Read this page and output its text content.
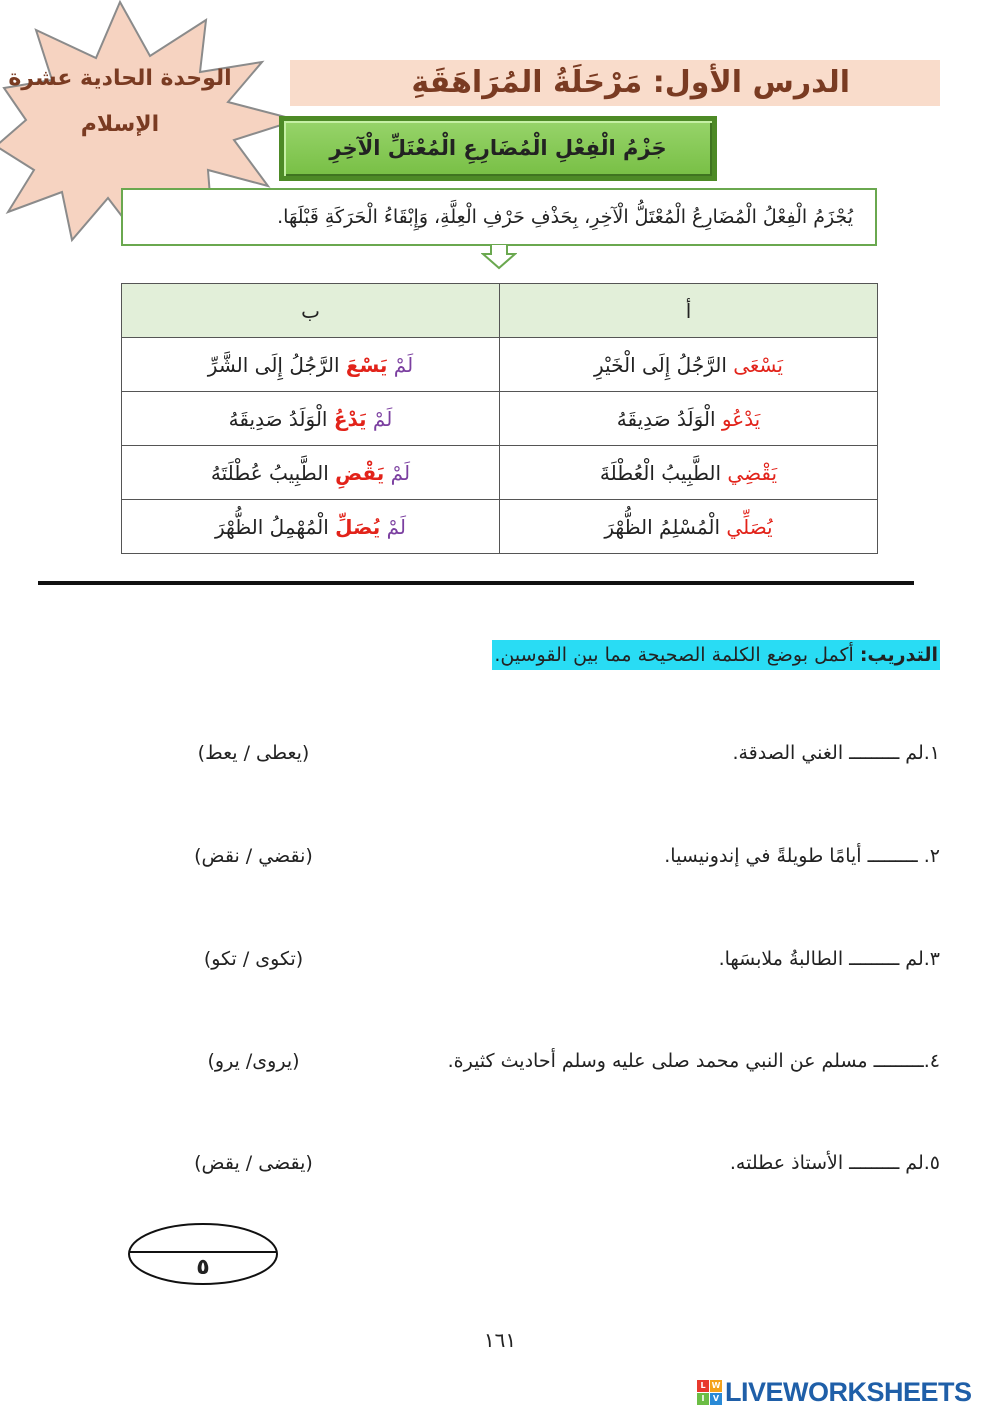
الوحدة الحادية عشرة
الإسلام
الدرس الأول: مَرْحَلَةُ المُرَاهَقَةِ
جَزْمُ الْفِعْلِ الْمُضَارِعِ الْمُعْتَلِّ الْآخِرِ
يُجْزَمُ الْفِعْلُ الْمُضَارِعُ الْمُعْتَلُّ الْآخِرِ، بِحَذْفِ حَرْفِ الْعِلَّةِ، وَإِبْقَاءُ الْحَرَكَةِ قَبْلَهَا.
أ	ب
يَسْعَى الرَّجُلُ إِلَى الْخَيْرِ	لَمْ يَسْعَ الرَّجُلُ إِلَى الشَّرِّ
يَدْعُو الْوَلَدُ صَدِيقَهُ	لَمْ يَدْعُ الْوَلَدُ صَدِيقَهُ
يَقْضِي الطَّبِيبُ الْعُطْلَةَ	لَمْ يَقْضِ الطَّبِيبُ عُطْلَتَهُ
يُصَلِّي الْمُسْلِمُ الظُّهْرَ	لَمْ يُصَلِّ الْمُهْمِلُ الظُّهْرَ
التدريب: أكمل بوضع الكلمة الصحيحة مما بين القوسين.
١.لم ـــــــــ الغني الصدقة.
(يعطى / يعط)
٢. ـــــــــ أيامًا طويلةً في إندونيسيا.
(نقضي / نقض)
٣.لم ـــــــــ الطالبةُ ملابسَها.
(تكوى / تكو)
٤.ـــــــــ مسلم عن النبي محمد صلى عليه وسلم أحاديث كثيرة.
(يروى/ يرو)
٥.لم ـــــــــ الأستاذ عطلته.
(يقضى / يقض)
٥
١٦١
L W
I	V LIVEWORKSHEETS
